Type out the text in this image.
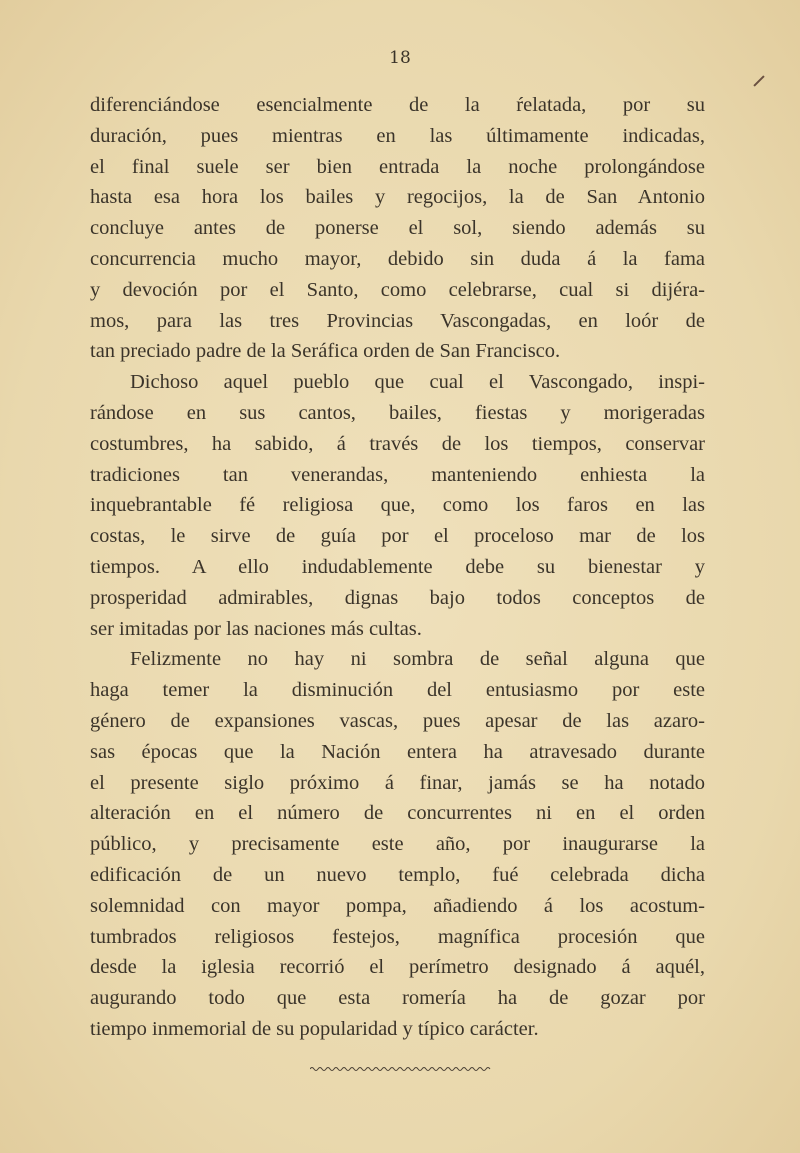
18
diferenciándose esencialmente de la ŕelatada, por su
duración, pues mientras en las últimamente indicadas,
el final suele ser bien entrada la noche prolongándose
hasta esa hora los bailes y regocijos, la de San Antonio
concluye antes de ponerse el sol, siendo además su
concurrencia mucho mayor, debido sin duda á la fama
y devoción por el Santo, como celebrarse, cual si dijéra-
mos, para las tres Provincias Vascongadas, en loór de
tan preciado padre de la Seráfica orden de San Francisco.
Dichoso aquel pueblo que cual el Vascongado, inspi-
rándose en sus cantos, bailes, fiestas y morigeradas
costumbres, ha sabido, á través de los tiempos, conservar
tradiciones tan venerandas, manteniendo enhiesta la
inquebrantable fé religiosa que, como los faros en las
costas, le sirve de guía por el proceloso mar de los
tiempos. A ello indudablemente debe su bienestar y
prosperidad admirables, dignas bajo todos conceptos de
ser imitadas por las naciones más cultas.
Felizmente no hay ni sombra de señal alguna que
haga temer la disminución del entusiasmo por este
género de expansiones vascas, pues apesar de las azaro-
sas épocas que la Nación entera ha atravesado durante
el presente siglo próximo á finar, jamás se ha notado
alteración en el número de concurrentes ni en el orden
público, y precisamente este año, por inaugurarse la
edificación de un nuevo templo, fué celebrada dicha
solemnidad con mayor pompa, añadiendo á los acostum-
tumbrados religiosos festejos, magnífica procesión que
desde la iglesia recorrió el perímetro designado á aquél,
augurando todo que esta romería ha de gozar por
tiempo inmemorial de su popularidad y típico carácter.
